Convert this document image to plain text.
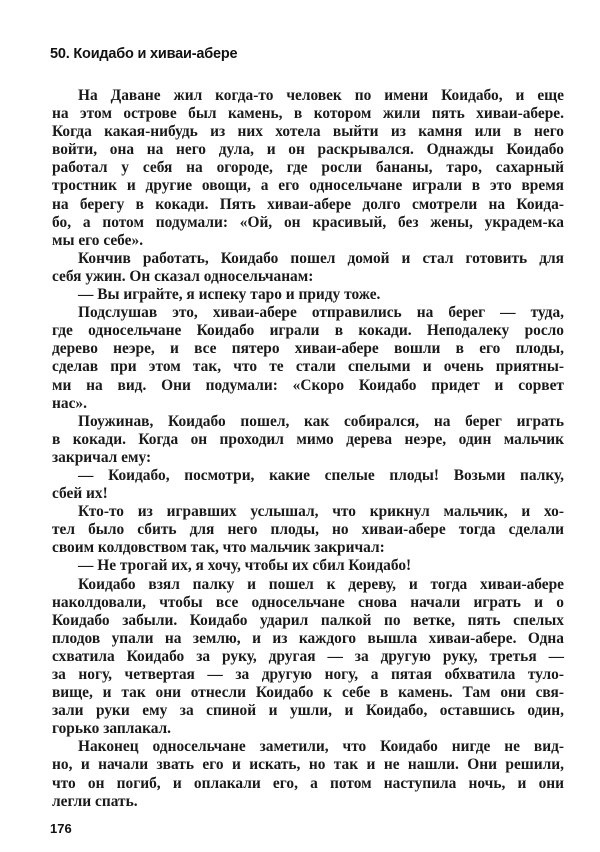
50. Коидабо и хиваи-абере
На Даване жил когда-то человек по имени Коидабо, и еще
на этом острове был камень, в котором жили пять хиваи-абере.
Когда какая-нибудь из них хотела выйти из камня или в него
войти, она на него дула, и он раскрывался. Однажды Коидабо
работал у себя на огороде, где росли бананы, таро, сахарный
тростник и другие овощи, а его односельчане играли в это время
на берегу в кокади. Пять хиваи-абере долго смотрели на Коида-
бо, а потом подумали: «Ой, он красивый, без жены, украдем-ка
мы его себе».
Кончив работать, Коидабо пошел домой и стал готовить для
себя ужин. Он сказал односельчанам:
— Вы играйте, я испеку таро и приду тоже.
Подслушав это, хиваи-абере отправились на берег — туда,
где односельчане Коидабо играли в кокади. Неподалеку росло
дерево неэре, и все пятеро хиваи-абере вошли в его плоды,
сделав при этом так, что те стали спелыми и очень приятны-
ми на вид. Они подумали: «Скоро Коидабо придет и сорвет
нас».
Поужинав, Коидабо пошел, как собирался, на берег играть
в кокади. Когда он проходил мимо дерева неэре, один мальчик
закричал ему:
— Коидабо, посмотри, какие спелые плоды! Возьми палку,
сбей их!
Кто-то из игравших услышал, что крикнул мальчик, и хо-
тел было сбить для него плоды, но хиваи-абере тогда сделали
своим колдовством так, что мальчик закричал:
— Не трогай их, я хочу, чтобы их сбил Коидабо!
Коидабо взял палку и пошел к дереву, и тогда хиваи-абере
наколдовали, чтобы все односельчане снова начали играть и о
Коидабо забыли. Коидабо ударил палкой по ветке, пять спелых
плодов упали на землю, и из каждого вышла хиваи-абере. Одна
схватила Коидабо за руку, другая — за другую руку, третья —
за ногу, четвертая — за другую ногу, а пятая обхватила туло-
вище, и так они отнесли Коидабо к себе в камень. Там они свя-
зали руки ему за спиной и ушли, и Коидабо, оставшись один,
горько заплакал.
Наконец односельчане заметили, что Коидабо нигде не вид-
но, и начали звать его и искать, но так и не нашли. Они решили,
что он погиб, и оплакали его, а потом наступила ночь, и они
легли спать.
176
